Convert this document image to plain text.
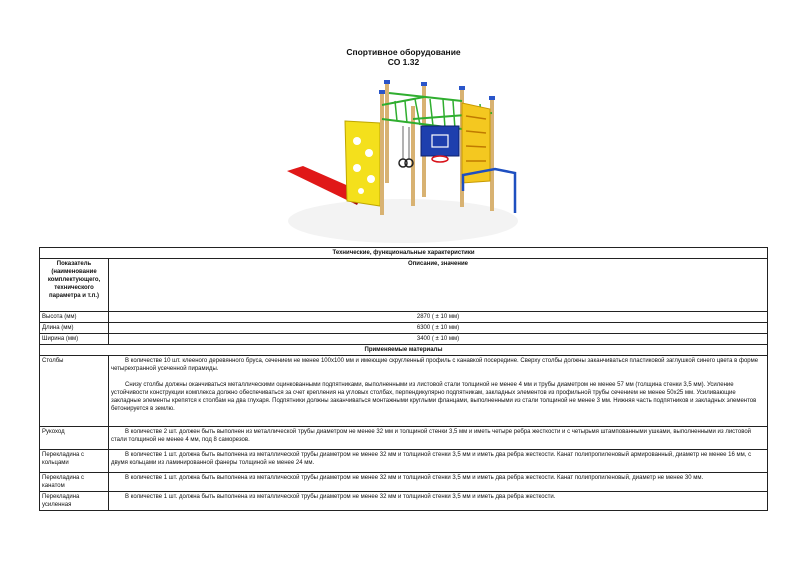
Спортивное оборудование
СО 1.32
Технические, функциональные характеристики	
Показатель (наименование комплектующего, технического параметра и т.п.)	Описание, значение
Высота (мм)	2870 ( ± 10 мм)
Длина (мм)	6300 ( ± 10 мм)
Ширина (мм)	3400 ( ± 10 мм)
Применяемые материалы	
Столбы	В количестве 10 шт. клееного деревянного бруса, сечением не менее 100х100 мм и имеющие скругленный профиль с канавкой посередине. Сверху столбы должны заканчиваться пластиковой заглушкой синего цвета в форме четырехгранной усеченной пирамиды.

Снизу столбы должны оканчиваться металлическими оцинкованными подпятниками, выполненными из листовой стали толщиной не менее 4 мм и трубы диаметром не менее 57 мм (толщина стенки 3,5 мм). Усиление устойчивости конструкции комплекса должно обеспечиваться за счет крепления на угловых столбах, перпендикулярно подпятникам, закладных элементов из профильной трубы сечением не менее 50х25 мм. Усиливающие закладные элементы крепятся к столбам на два глухаря. Подпятники должны заканчиваться монтажными круглыми фланцами, выполненными из стали толщиной не менее 3 мм. Нижняя часть подпятников и закладных элементов бетонируется в землю.

Рукоход	В количестве 2 шт. должен быть выполнен из металлической трубы диаметром не менее 32 мм и толщиной стенки 3,5 мм и иметь четыре ребра жесткости и с четырьмя штампованными ушками, выполненными из листовой стали толщиной не менее 4 мм, под 8 саморезов.

Перекладина с кольцами	В количестве 1 шт. должна быть выполнена из металлической трубы диаметром не менее 32 мм и толщиной стенки 3,5 мм и иметь два ребра жесткости. Канат полипропиленовый армированный, диаметр не менее 16 мм, с двумя кольцами из ламинированной фанеры толщиной не менее 24 мм.

Перекладина с канатом	В количестве 1 шт. должна быть выполнена из металлической трубы диаметром не менее 32 мм и толщиной стенки 3,5 мм и иметь два ребра жесткости. Канат полипропиленовый, диаметр не менее 30 мм.

Перекладина усиленная	В количестве 1 шт. должна быть выполнена из металлической трубы диаметром не менее 32 мм и толщиной стенки 3,5 мм и иметь два ребра жесткости.
